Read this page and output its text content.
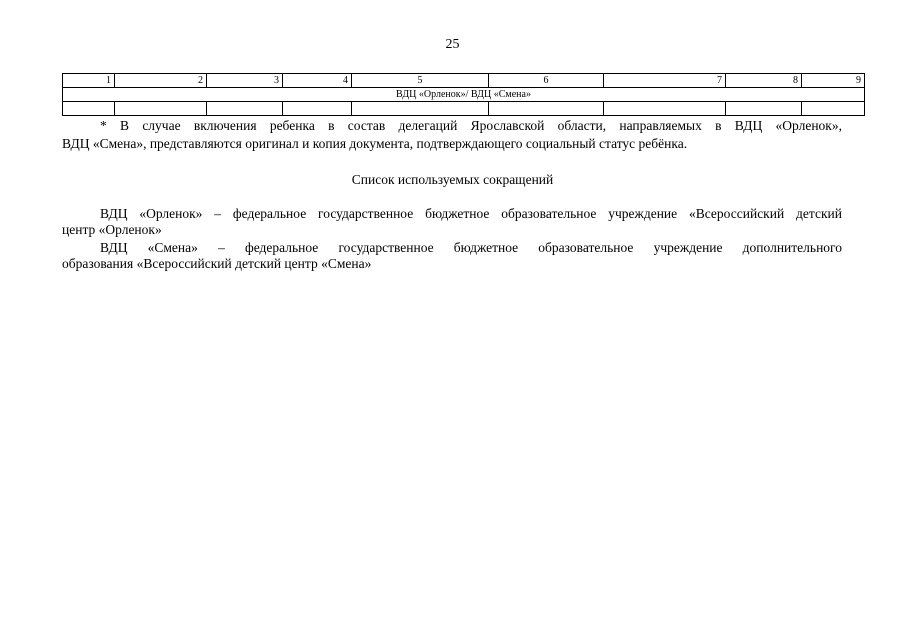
25
1	2	3	4	5	6	7	8	9
ВДЦ «Орленок»/ ВДЦ «Смена»								

* В случае включения ребенка в состав делегаций Ярославской области, направляемых в ВДЦ «Орленок»,
ВДЦ «Смена», представляются оригинал и копия документа, подтверждающего социальный статус ребёнка.
Список используемых сокращений
ВДЦ «Орленок» – федеральное государственное бюджетное образовательное учреждение «Всероссийский детский
центр «Орленок»
ВДЦ «Смена» – федеральное государственное бюджетное образовательное учреждение дополнительного
образования «Всероссийский детский центр «Смена»
